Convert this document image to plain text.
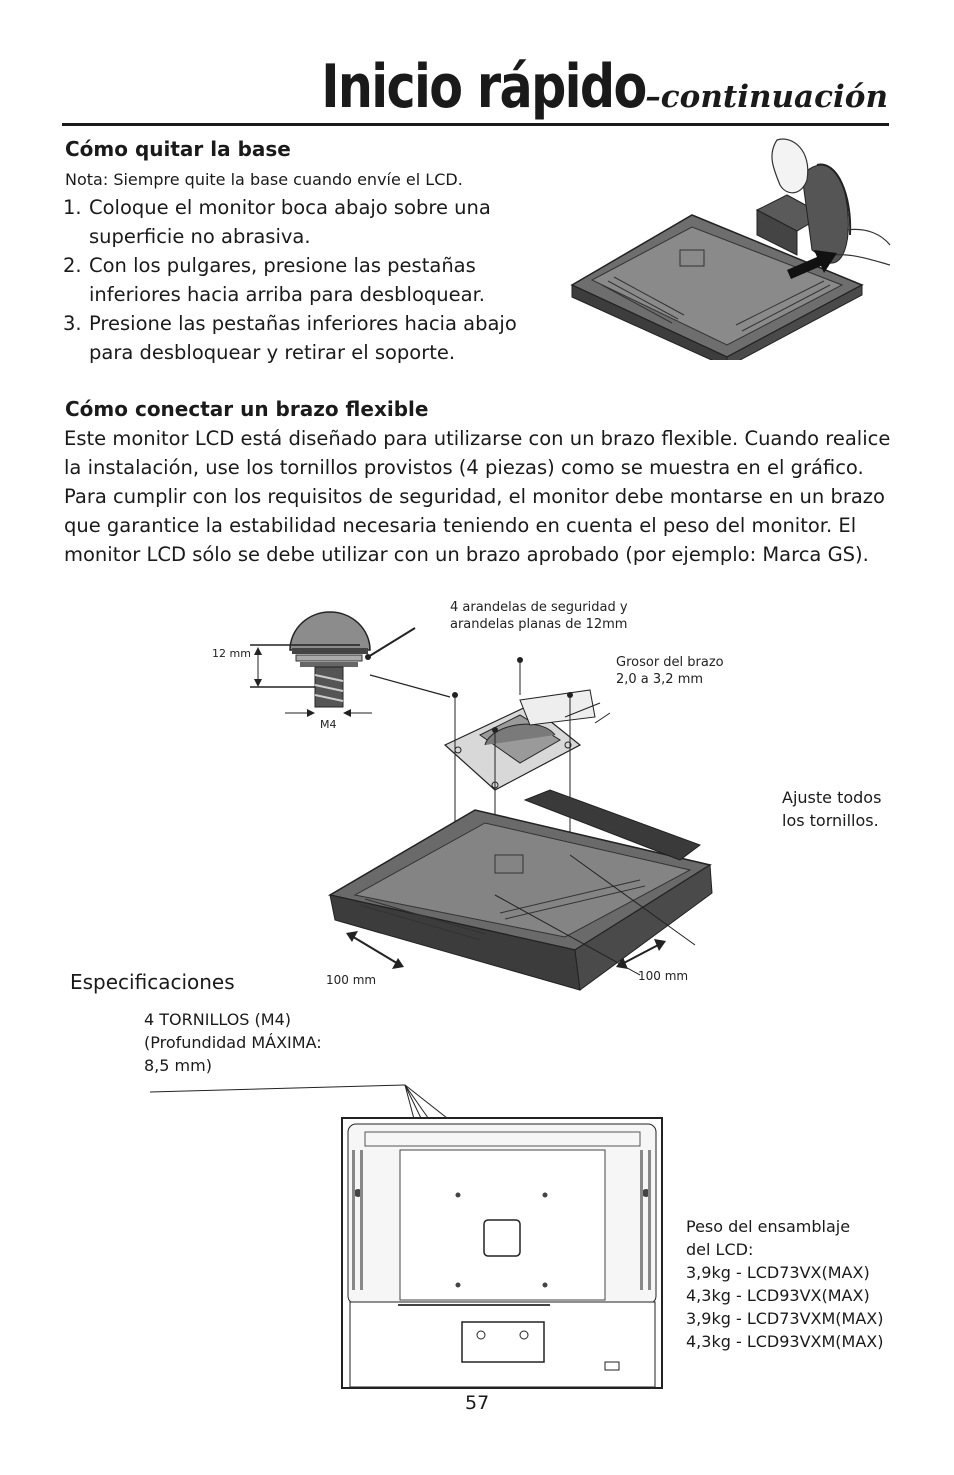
Inicio rápido–continuación
Cómo quitar la base
Nota: Siempre quite la base cuando envíe el LCD.
1. Coloque el monitor boca abajo sobre una
superficie no abrasiva.
2. Con los pulgares, presione las pestañas
inferiores hacia arriba para desbloquear.
3. Presione las pestañas inferiores hacia abajo
para desbloquear y retirar el soporte.
Cómo conectar un brazo flexible
Este monitor LCD está diseñado para utilizarse con un brazo flexible. Cuando realice
la instalación, use los tornillos provistos (4 piezas) como se muestra en el gráfico.
Para cumplir con los requisitos de seguridad, el monitor debe montarse en un brazo
que garantice la estabilidad necesaria teniendo en cuenta el peso del monitor. El
monitor LCD sólo se debe utilizar con un brazo aprobado (por ejemplo: Marca GS).
12 mm
M4
4 arandelas de seguridad y
arandelas planas de 12mm
Grosor del brazo
2,0 a 3,2 mm
100 mm	100 mm
Ajuste todos
los tornillos.
Especificaciones
4 TORNILLOS (M4)
(Profundidad MÁXIMA:
8,5 mm)
Peso del ensamblaje
del LCD:
3,9kg - LCD73VX(MAX)
4,3kg - LCD93VX(MAX)
3,9kg - LCD73VXM(MAX)
4,3kg - LCD93VXM(MAX)
57
